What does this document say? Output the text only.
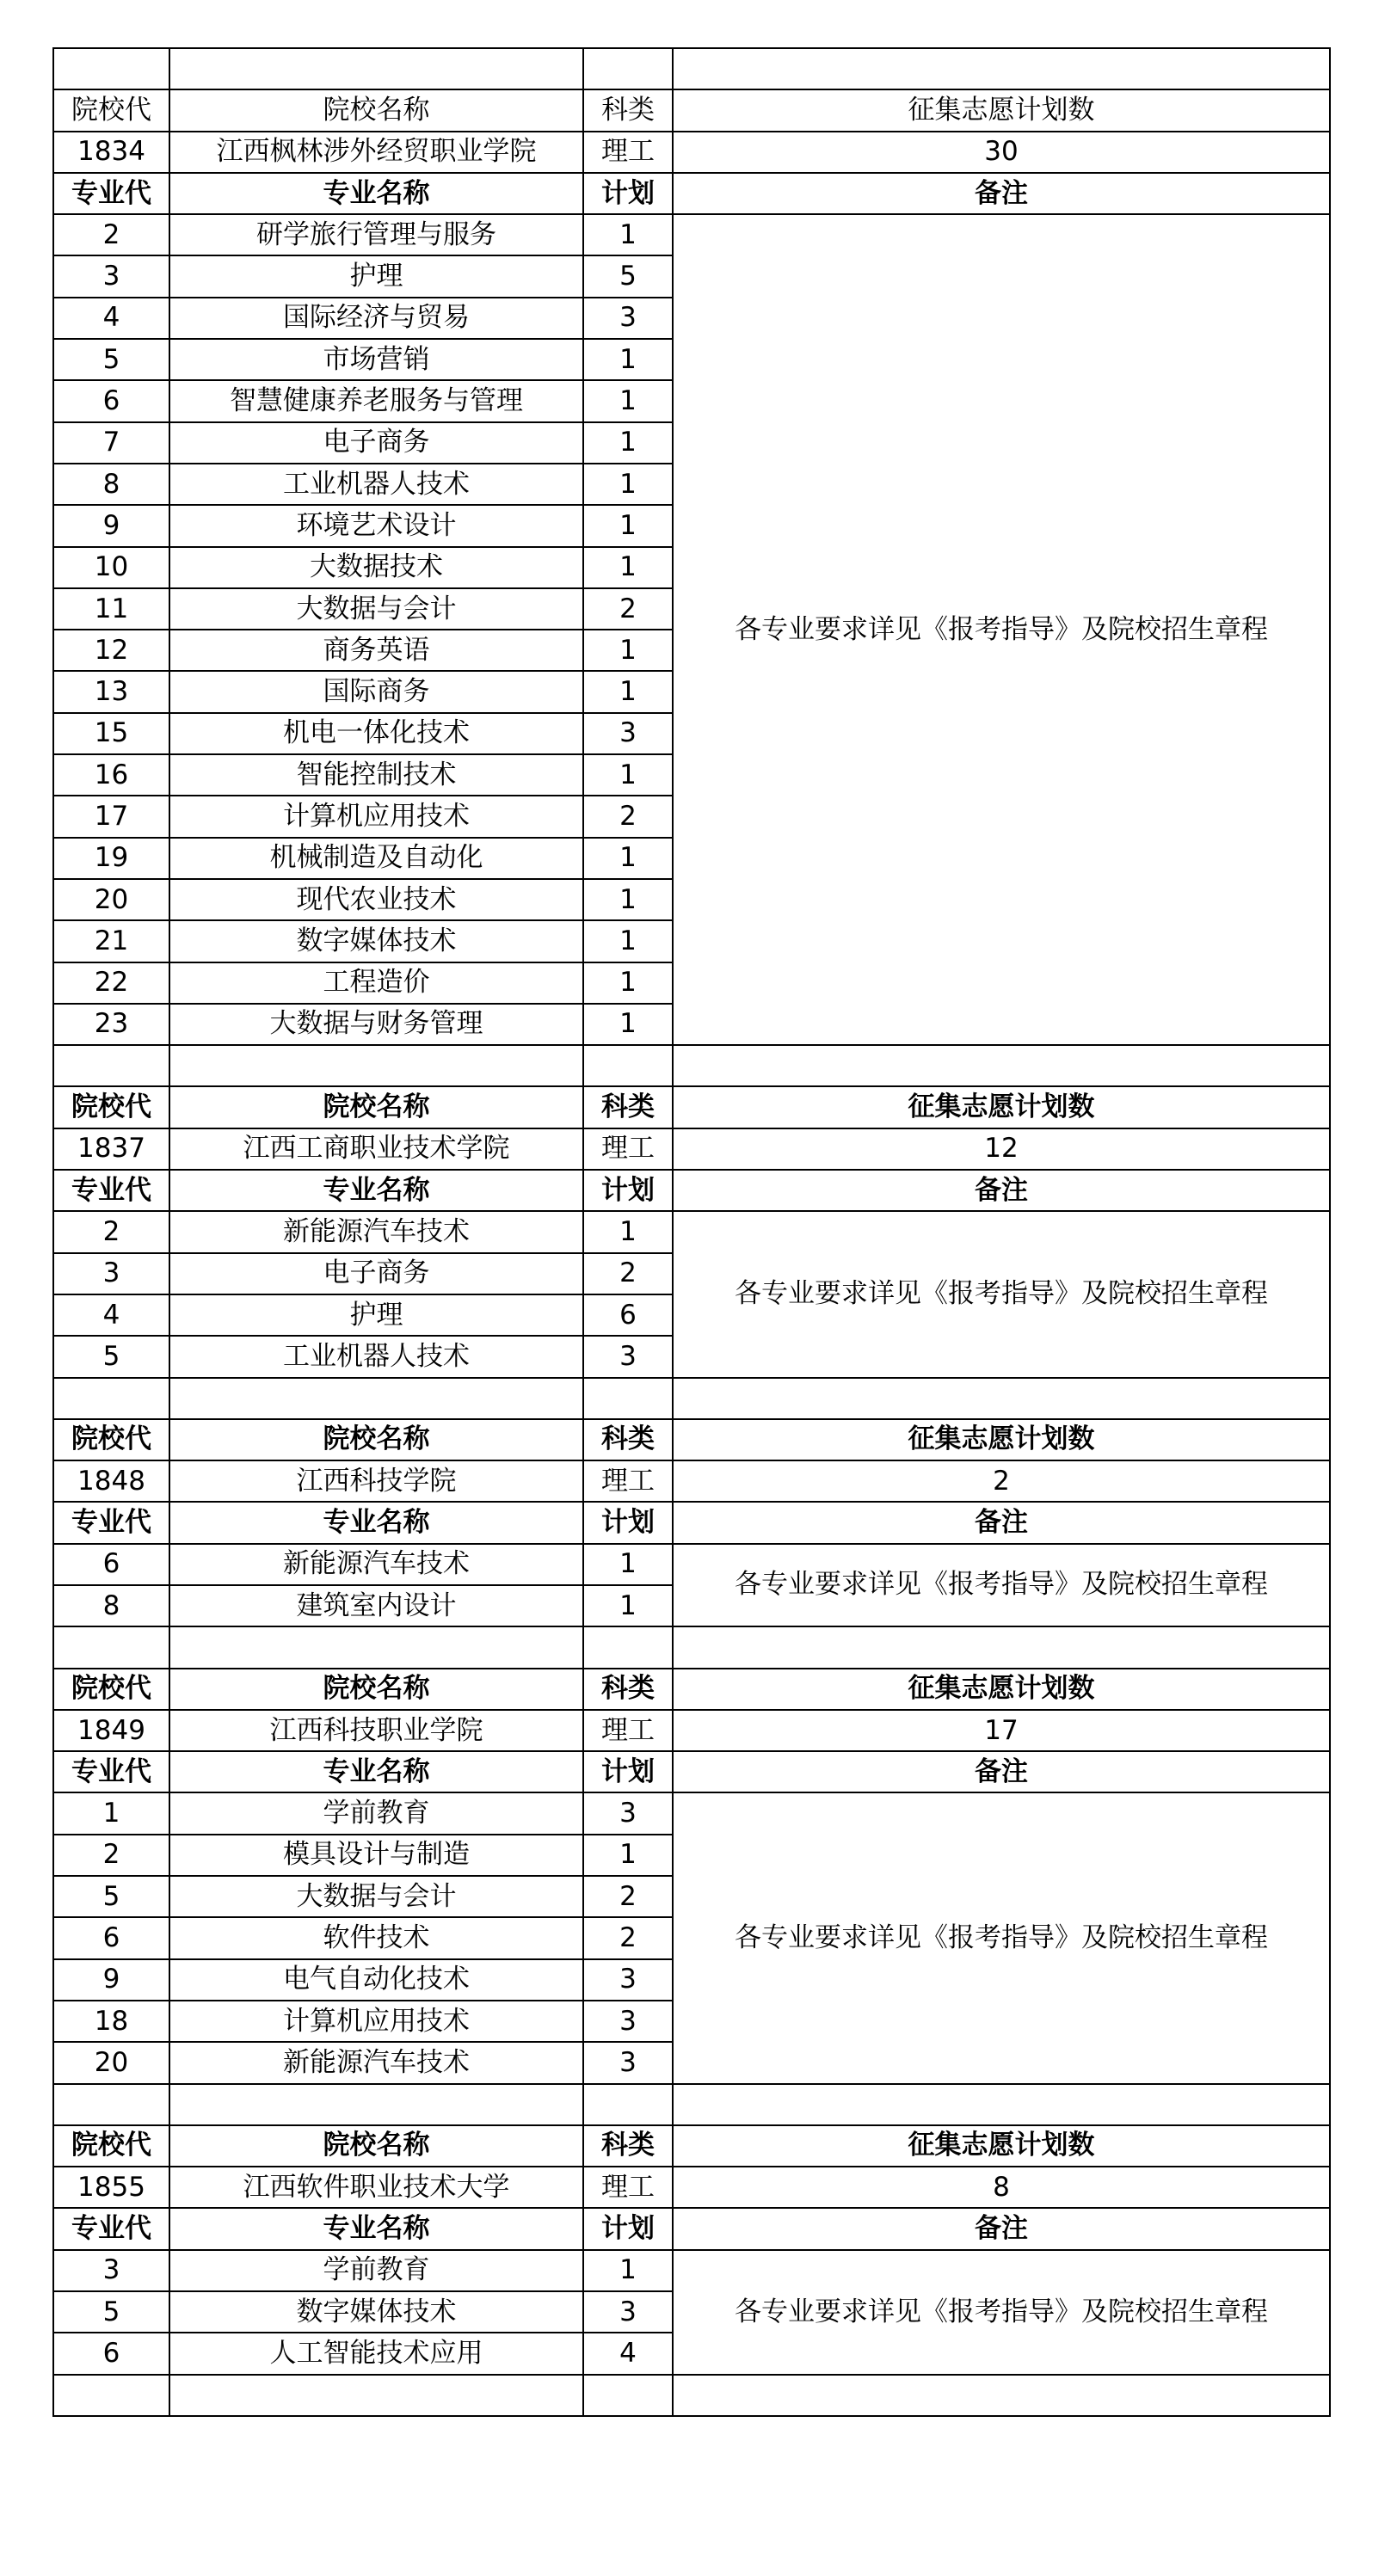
院校代	院校名称	科类	征集志愿计划数
1834	江西枫林涉外经贸职业学院	理工	30
专业代	专业名称	计划	备注
2	研学旅行管理与服务	1	各专业要求详见《报考指导》及院校招生章程
3	护理	5	
4	国际经济与贸易	3	
5	市场营销	1	
6	智慧健康养老服务与管理	1	
7	电子商务	1	
8	工业机器人技术	1	
9	环境艺术设计	1	
10	大数据技术	1	
11	大数据与会计	2	
12	商务英语	1	
13	国际商务	1	
15	机电一体化技术	3	
16	智能控制技术	1	
17	计算机应用技术	2	
19	机械制造及自动化	1	
20	现代农业技术	1	
21	数字媒体技术	1	
22	工程造价	1	
23	大数据与财务管理	1	

院校代	院校名称	科类	征集志愿计划数
1837	江西工商职业技术学院	理工	12
专业代	专业名称	计划	备注
2	新能源汽车技术	1	各专业要求详见《报考指导》及院校招生章程
3	电子商务	2	
4	护理	6	
5	工业机器人技术	3	

院校代	院校名称	科类	征集志愿计划数
1848	江西科技学院	理工	2
专业代	专业名称	计划	备注
6	新能源汽车技术	1	各专业要求详见《报考指导》及院校招生章程
8	建筑室内设计	1	

院校代	院校名称	科类	征集志愿计划数
1849	江西科技职业学院	理工	17
专业代	专业名称	计划	备注
1	学前教育	3	各专业要求详见《报考指导》及院校招生章程
2	模具设计与制造	1	
5	大数据与会计	2	
6	软件技术	2	
9	电气自动化技术	3	
18	计算机应用技术	3	
20	新能源汽车技术	3	

院校代	院校名称	科类	征集志愿计划数
1855	江西软件职业技术大学	理工	8
专业代	专业名称	计划	备注
3	学前教育	1	各专业要求详见《报考指导》及院校招生章程
5	数字媒体技术	3	
6	人工智能技术应用	4	
